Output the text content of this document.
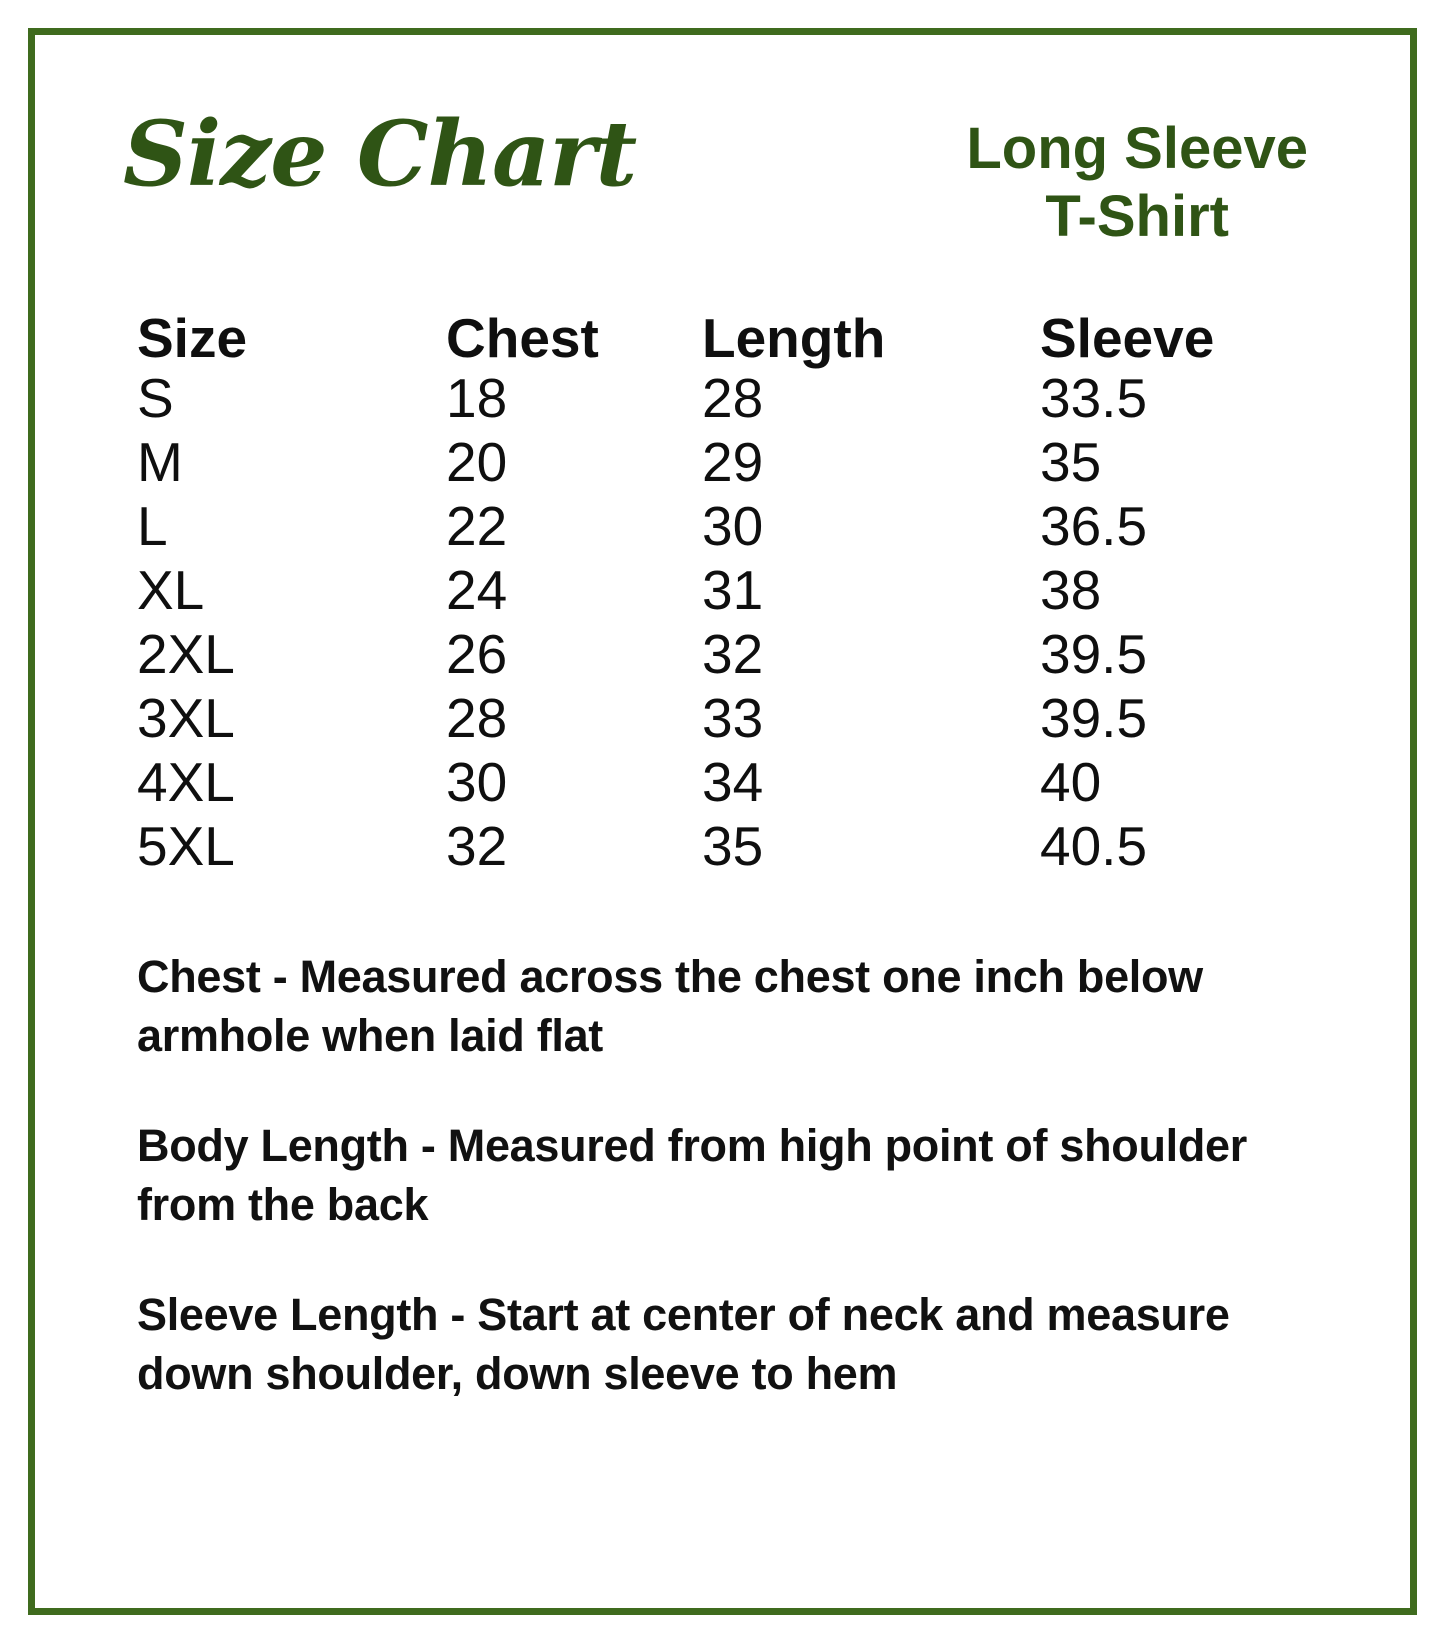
Size Chart	Long Sleeve
T-Shirt
Size	Chest	Length	Sleeve
S	18	28	33.5
M	20	29	35
L	22	30	36.5
XL	24	31	38
2XL	26	32	39.5
3XL	28	33	39.5
4XL	30	34	40
5XL	32	35	40.5

Chest - Measured across the chest one inch below armhole when laid flat

Body Length - Measured from high point of shoulder from the back

Sleeve Length - Start at center of neck and measure down shoulder, down sleeve to hem
